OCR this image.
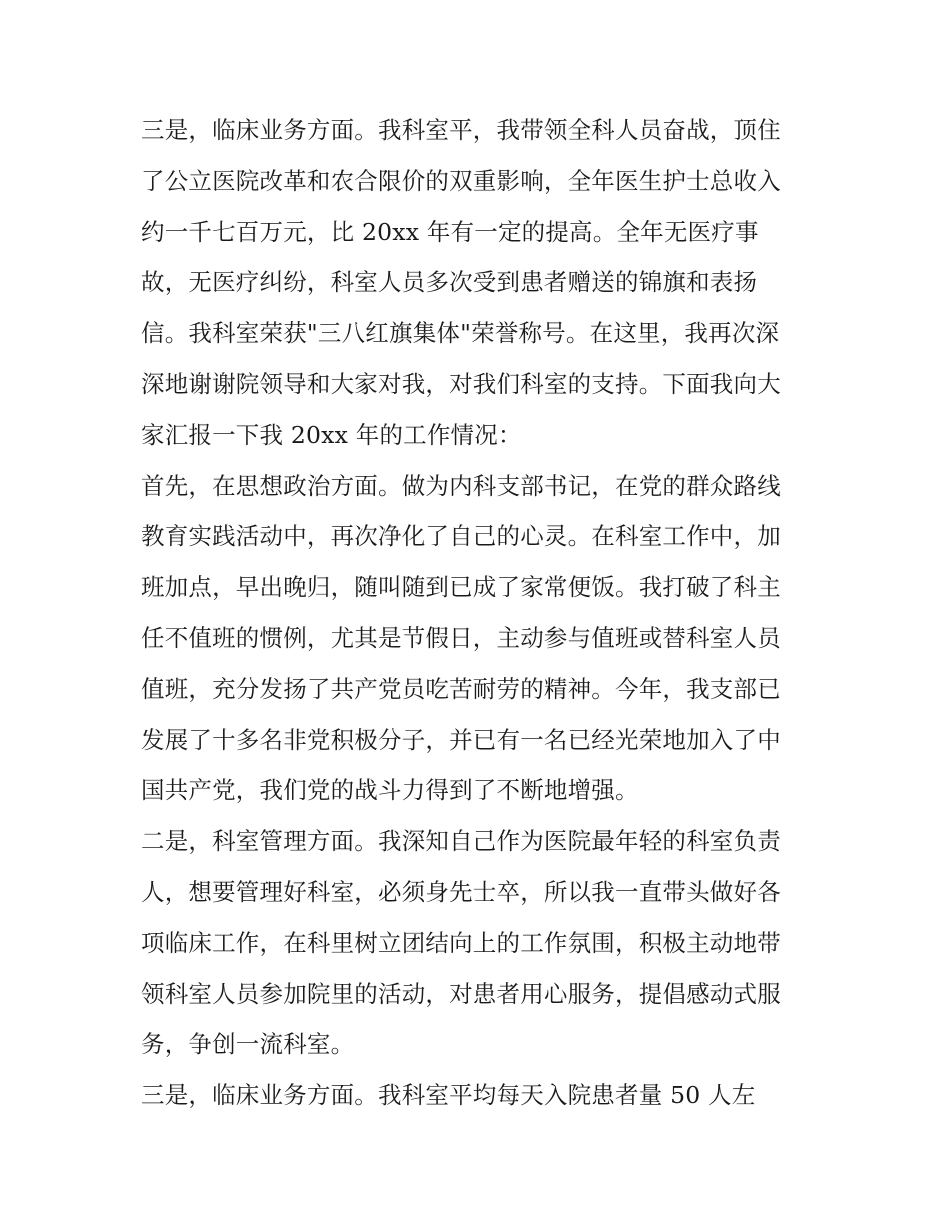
三是，临床业务方面。我科室平，我带领全科人员奋战，顶住
了公立医院改革和农合限价的双重影响，全年医生护士总收入
约一千七百万元，比 20xx 年有一定的提高。全年无医疗事
故，无医疗纠纷，科室人员多次受到患者赠送的锦旗和表扬
信。我科室荣获"三八红旗集体"荣誉称号。在这里，我再次深
深地谢谢院领导和大家对我，对我们科室的支持。下面我向大
家汇报一下我 20xx 年的工作情况：
首先，在思想政治方面。做为内科支部书记，在党的群众路线
教育实践活动中，再次净化了自己的心灵。在科室工作中，加
班加点，早出晚归，随叫随到已成了家常便饭。我打破了科主
任不值班的惯例，尤其是节假日，主动参与值班或替科室人员
值班，充分发扬了共产党员吃苦耐劳的精神。今年，我支部已
发展了十多名非党积极分子，并已有一名已经光荣地加入了中
国共产党，我们党的战斗力得到了不断地增强。
二是，科室管理方面。我深知自己作为医院最年轻的科室负责
人，想要管理好科室，必须身先士卒，所以我一直带头做好各
项临床工作，在科里树立团结向上的工作氛围，积极主动地带
领科室人员参加院里的活动，对患者用心服务，提倡感动式服
务，争创一流科室。
三是，临床业务方面。我科室平均每天入院患者量 50 人左
